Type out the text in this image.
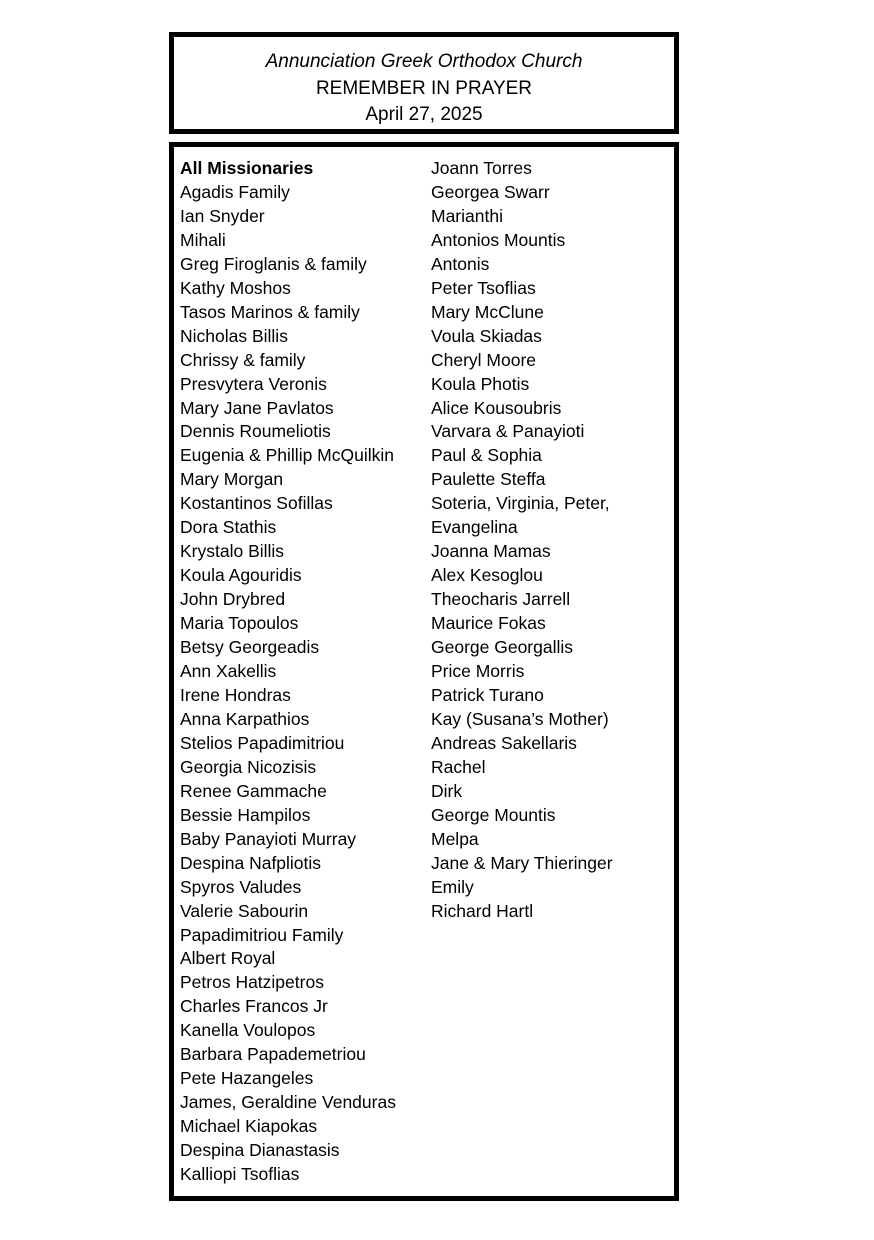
Annunciation Greek Orthodox Church
REMEMBER IN PRAYER
April 27, 2025
All Missionaries
Agadis Family
Ian Snyder
Mihali
Greg Firoglanis & family
Kathy Moshos
Tasos Marinos & family
Nicholas Billis
Chrissy & family
Presvytera Veronis
Mary Jane Pavlatos
Dennis Roumeliotis
Eugenia & Phillip McQuilkin
Mary Morgan
Kostantinos Sofillas
Dora Stathis
Krystalo Billis
Koula Agouridis
John Drybred
Maria Topoulos
Betsy Georgeadis
Ann Xakellis
Irene Hondras
Anna Karpathios
Stelios Papadimitriou
Georgia Nicozisis
Renee Gammache
Bessie Hampilos
Baby Panayioti Murray
Despina Nafpliotis
Spyros Valudes
Valerie Sabourin
Papadimitriou Family
Albert Royal
Petros Hatzipetros
Charles Francos Jr
Kanella Voulopos
Barbara Papademetriou
Pete Hazangeles
James, Geraldine Venduras
Michael Kiapokas
Despina Dianastasis
Kalliopi Tsoflias
Joann Torres
Georgea Swarr
Marianthi
Antonios Mountis
Antonis
Peter Tsoflias
Mary McClune
Voula Skiadas
Cheryl Moore
Koula Photis
Alice Kousoubris
Varvara & Panayioti
Paul & Sophia
Paulette Steffa
Soteria, Virginia, Peter,
Evangelina
Joanna Mamas
Alex Kesoglou
Theocharis Jarrell
Maurice Fokas
George Georgallis
Price Morris
Patrick Turano
Kay (Susana’s Mother)
Andreas Sakellaris
Rachel
Dirk
George Mountis
Melpa
Jane & Mary Thieringer
Emily
Richard Hartl
